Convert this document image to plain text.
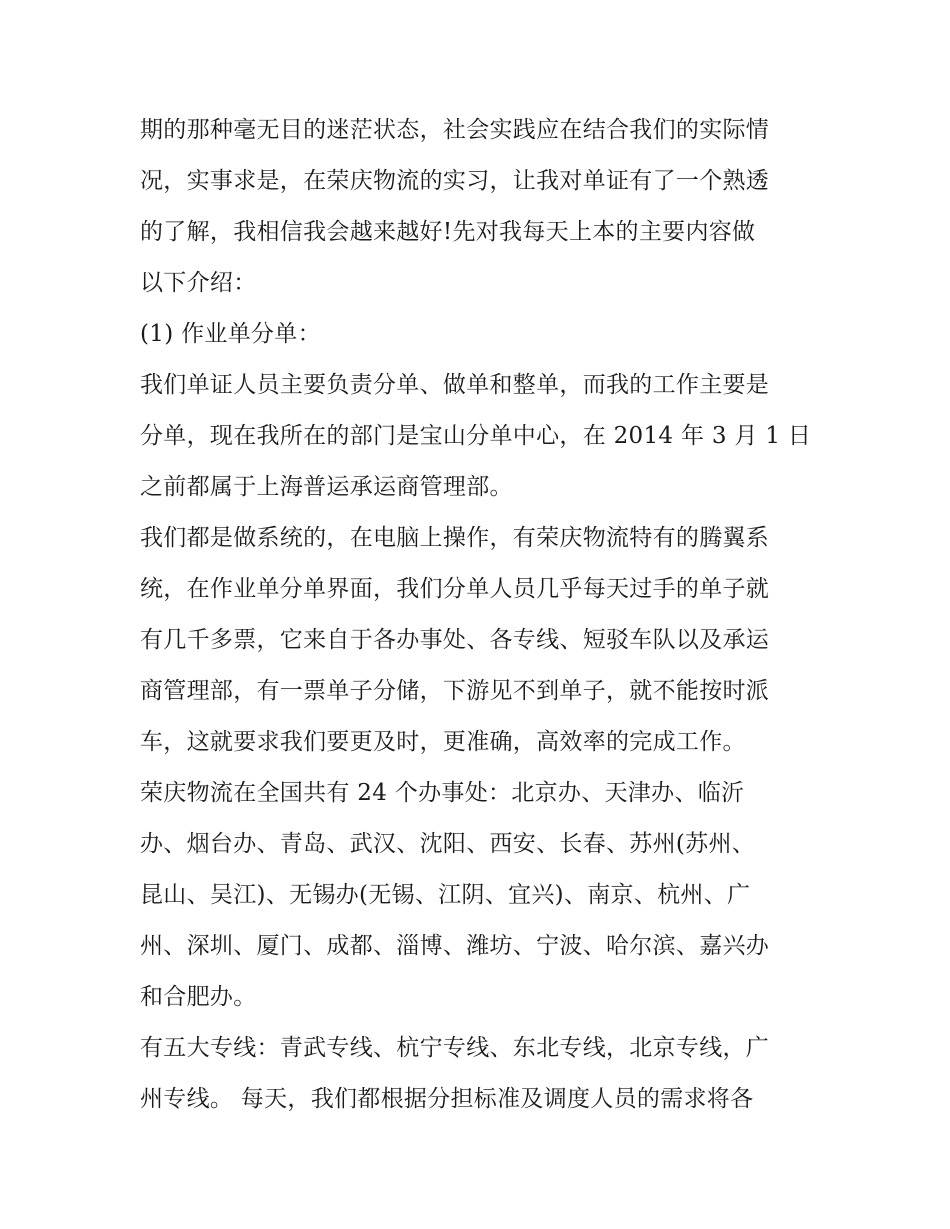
期的那种毫无目的迷茫状态，社会实践应在结合我们的实际情
况，实事求是，在荣庆物流的实习，让我对单证有了一个熟透
的了解，我相信我会越来越好!先对我每天上本的主要内容做
以下介绍：
(1) 作业单分单：
我们单证人员主要负责分单、做单和整单，而我的工作主要是
分单，现在我所在的部门是宝山分单中心，在 2014 年 3 月 1 日
之前都属于上海普运承运商管理部。
我们都是做系统的，在电脑上操作，有荣庆物流特有的腾翼系
统，在作业单分单界面，我们分单人员几乎每天过手的单子就
有几千多票，它来自于各办事处、各专线、短驳车队以及承运
商管理部，有一票单子分储，下游见不到单子，就不能按时派
车，这就要求我们要更及时，更准确，高效率的完成工作。
荣庆物流在全国共有 24 个办事处：北京办、天津办、临沂
办、烟台办、青岛、武汉、沈阳、西安、长春、苏州(苏州、
昆山、吴江)、无锡办(无锡、江阴、宜兴)、南京、杭州、广
州、深圳、厦门、成都、淄博、潍坊、宁波、哈尔滨、嘉兴办
和合肥办。
有五大专线：青武专线、杭宁专线、东北专线，北京专线，广
州专线。 每天，我们都根据分担标准及调度人员的需求将各
